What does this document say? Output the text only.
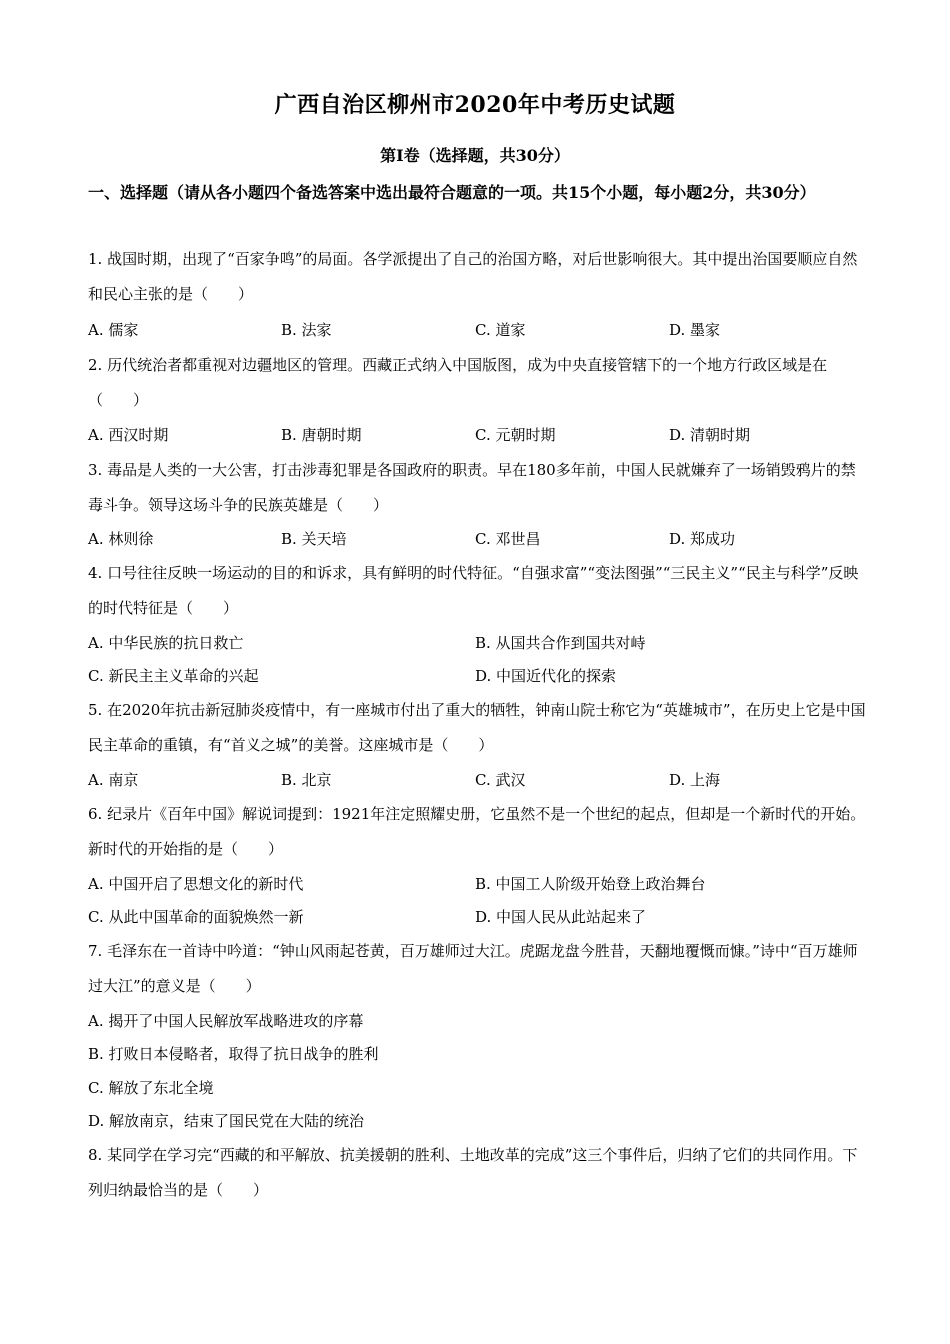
广西自治区柳州市2020年中考历史试题
第Ⅰ卷（选择题，共30分）
一、选择题（请从各小题四个备选答案中选出最符合题意的一项。共15个小题，每小题2分，共30分）
1. 战国时期，出现了“百家争鸣”的局面。各学派提出了自己的治国方略，对后世影响很大。其中提出治国要顺应自然和民心主张的是（　　）
A. 儒家	B. 法家	C. 道家	D. 墨家
2. 历代统治者都重视对边疆地区的管理。西藏正式纳入中国版图，成为中央直接管辖下的一个地方行政区域是在（　　）
A. 西汉时期	B. 唐朝时期	C. 元朝时期	D. 清朝时期
3. 毒品是人类的一大公害，打击涉毒犯罪是各国政府的职责。早在180多年前，中国人民就嫌弃了一场销毁鸦片的禁毒斗争。领导这场斗争的民族英雄是（　　）
A. 林则徐	B. 关天培	C. 邓世昌	D. 郑成功
4. 口号往往反映一场运动的目的和诉求，具有鲜明的时代特征。“自强求富”“变法图强”“三民主义”“民主与科学”反映的时代特征是（　　）
A. 中华民族的抗日救亡	B. 从国共合作到国共对峙
C. 新民主主义革命的兴起	D. 中国近代化的探索
5. 在2020年抗击新冠肺炎疫情中，有一座城市付出了重大的牺牲，钟南山院士称它为“英雄城市”，在历史上它是中国民主革命的重镇，有“首义之城”的美誉。这座城市是（　　）
A. 南京	B. 北京	C. 武汉	D. 上海
6. 纪录片《百年中国》解说词提到：1921年注定照耀史册，它虽然不是一个世纪的起点，但却是一个新时代的开始。新时代的开始指的是（　　）
A. 中国开启了思想文化的新时代	B. 中国工人阶级开始登上政治舞台
C. 从此中国革命的面貌焕然一新	D. 中国人民从此站起来了
7. 毛泽东在一首诗中吟道：“钟山风雨起苍黄，百万雄师过大江。虎踞龙盘今胜昔，天翻地覆慨而慷。”诗中“百万雄师过大江”的意义是（　　）
A. 揭开了中国人民解放军战略进攻的序幕
B. 打败日本侵略者，取得了抗日战争的胜利
C. 解放了东北全境
D. 解放南京，结束了国民党在大陆的统治
8. 某同学在学习完“西藏的和平解放、抗美援朝的胜利、土地改革的完成”这三个事件后，归纳了它们的共同作用。下列归纳最恰当的是（　　）
